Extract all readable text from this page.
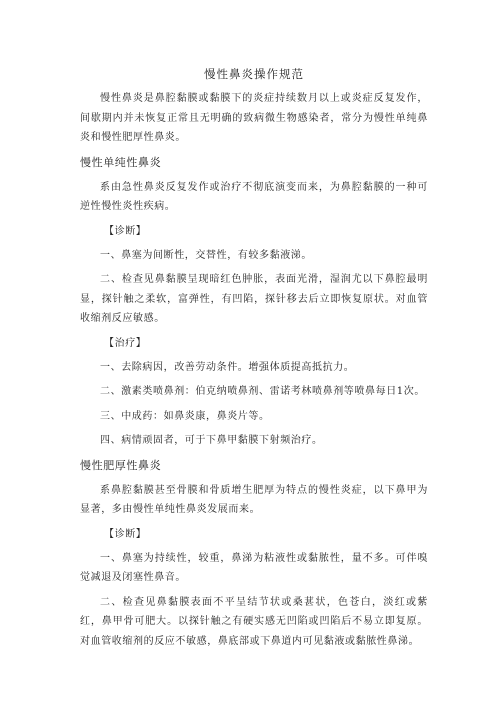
慢性鼻炎操作规范

慢性鼻炎是鼻腔黏膜或黏膜下的炎症持续数月以上或炎症反复发作，间歇期内并未恢复正常且无明确的致病微生物感染者，常分为慢性单纯鼻炎和慢性肥厚性鼻炎。

慢性单纯性鼻炎

系由急性鼻炎反复发作或治疗不彻底演变而来，为鼻腔黏膜的一种可逆性慢性炎性疾病。

【诊断】

一、鼻塞为间断性，交替性，有较多黏液涕。

二、检查见鼻黏膜呈现暗红色肿胀，表面光滑，湿润尤以下鼻腔最明显，探针触之柔软，富弹性，有凹陷，探针移去后立即恢复原状。对血管收缩剂反应敏感。

【治疗】

一、去除病因，改善劳动条件。增强体质提高抵抗力。

二、激素类喷鼻剂：伯克纳喷鼻剂、雷诺考林喷鼻剂等喷鼻每日1次。

三、中成药：如鼻炎康，鼻炎片等。

四、病情顽固者，可于下鼻甲黏膜下射频治疗。

慢性肥厚性鼻炎

系鼻腔黏膜甚至骨膜和骨质增生肥厚为特点的慢性炎症，以下鼻甲为显著，多由慢性单纯性鼻炎发展而来。

【诊断】

一、鼻塞为持续性，较重，鼻涕为粘液性或黏脓性，量不多。可伴嗅觉减退及闭塞性鼻音。

二、检查见鼻黏膜表面不平呈结节状或桑葚状，色苍白，淡红或紫红，鼻甲骨可肥大。以探针触之有硬实感无凹陷或凹陷后不易立即复原。对血管收缩剂的反应不敏感，鼻底部或下鼻道内可见黏液或黏脓性鼻涕。
